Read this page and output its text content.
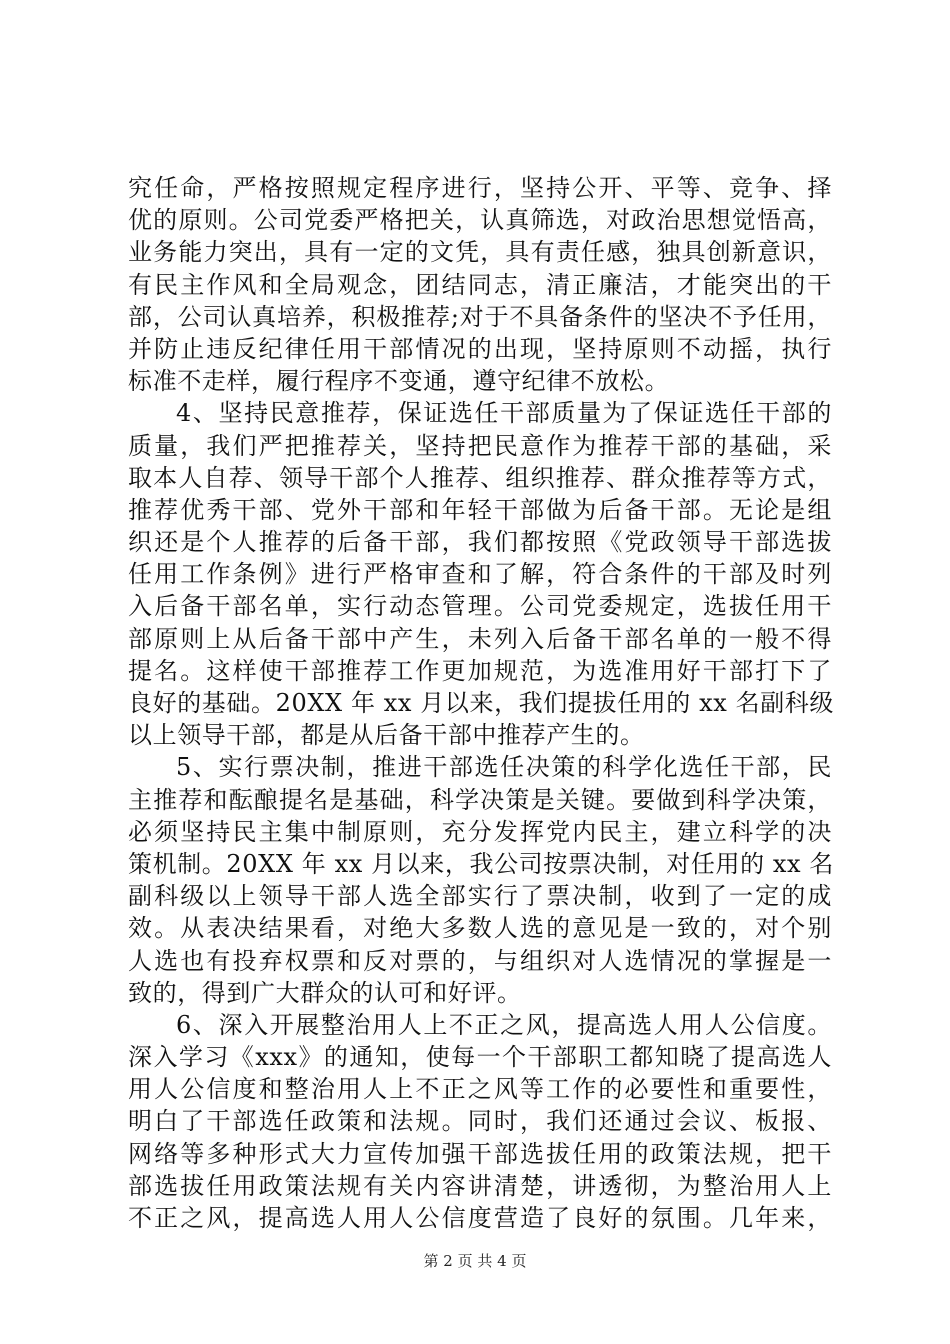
究任命，严格按照规定程序进行，坚持公开、平等、竞争、择
优的原则。公司党委严格把关，认真筛选，对政治思想觉悟高，
业务能力突出，具有一定的文凭，具有责任感，独具创新意识，
有民主作风和全局观念，团结同志，清正廉洁，才能突出的干
部，公司认真培养，积极推荐;对于不具备条件的坚决不予任用，
并防止违反纪律任用干部情况的出现，坚持原则不动摇，执行
标准不走样，履行程序不变通，遵守纪律不放松。
4、坚持民意推荐，保证选任干部质量为了保证选任干部的
质量，我们严把推荐关，坚持把民意作为推荐干部的基础，采
取本人自荐、领导干部个人推荐、组织推荐、群众推荐等方式，
推荐优秀干部、党外干部和年轻干部做为后备干部。无论是组
织还是个人推荐的后备干部，我们都按照《党政领导干部选拔
任用工作条例》进行严格审查和了解，符合条件的干部及时列
入后备干部名单，实行动态管理。公司党委规定，选拔任用干
部原则上从后备干部中产生，未列入后备干部名单的一般不得
提名。这样使干部推荐工作更加规范，为选准用好干部打下了
良好的基础。20XX 年 xx 月以来，我们提拔任用的 xx 名副科级
以上领导干部，都是从后备干部中推荐产生的。
5、实行票决制，推进干部选任决策的科学化选任干部，民
主推荐和酝酿提名是基础，科学决策是关键。要做到科学决策，
必须坚持民主集中制原则，充分发挥党内民主，建立科学的决
策机制。20XX 年 xx 月以来，我公司按票决制，对任用的 xx 名
副科级以上领导干部人选全部实行了票决制，收到了一定的成
效。从表决结果看，对绝大多数人选的意见是一致的，对个别
人选也有投弃权票和反对票的，与组织对人选情况的掌握是一
致的，得到广大群众的认可和好评。
6、深入开展整治用人上不正之风，提高选人用人公信度。
深入学习《xxx》的通知，使每一个干部职工都知晓了提高选人
用人公信度和整治用人上不正之风等工作的必要性和重要性，
明白了干部选任政策和法规。同时，我们还通过会议、板报、
网络等多种形式大力宣传加强干部选拔任用的政策法规，把干
部选拔任用政策法规有关内容讲清楚，讲透彻，为整治用人上
不正之风，提高选人用人公信度营造了良好的氛围。几年来，
第 2 页 共 4 页
